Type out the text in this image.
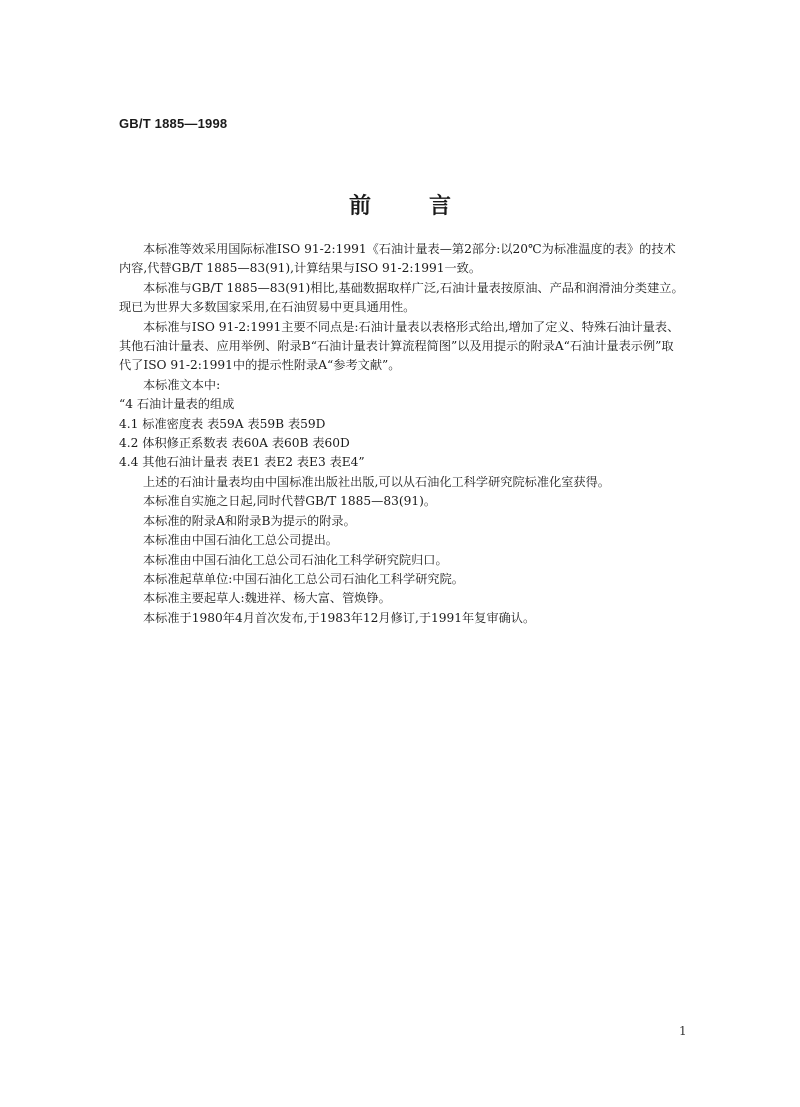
GB/T 1885—1998
前言

本标准等效采用国际标准ISO 91-2:1991《石油计量表—第2部分:以20℃为标准温度的表》的技术内容,代替GB/T 1885—83(91),计算结果与ISO 91-2:1991一致。

本标准与GB/T 1885—83(91)相比,基础数据取样广泛,石油计量表按原油、产品和润滑油分类建立。现已为世界大多数国家采用,在石油贸易中更具通用性。

本标准与ISO 91-2:1991主要不同点是:石油计量表以表格形式给出,增加了定义、特殊石油计量表、其他石油计量表、应用举例、附录B“石油计量表计算流程简图”以及用提示的附录A“石油计量表示例”取代了ISO 91-2:1991中的提示性附录A“参考文献”。

本标准文本中:

“4 石油计量表的组成

4.1 标准密度表 表59A 表59B 表59D

4.2 体积修正系数表 表60A 表60B 表60D

4.4 其他石油计量表 表E1 表E2 表E3 表E4”

上述的石油计量表均由中国标准出版社出版,可以从石油化工科学研究院标准化室获得。

本标准自实施之日起,同时代替GB/T 1885—83(91)。

本标准的附录A和附录B为提示的附录。

本标准由中国石油化工总公司提出。

本标准由中国石油化工总公司石油化工科学研究院归口。

本标准起草单位:中国石油化工总公司石油化工科学研究院。

本标准主要起草人:魏进祥、杨大富、管焕铮。

本标准于1980年4月首次发布,于1983年12月修订,于1991年复审确认。

1
